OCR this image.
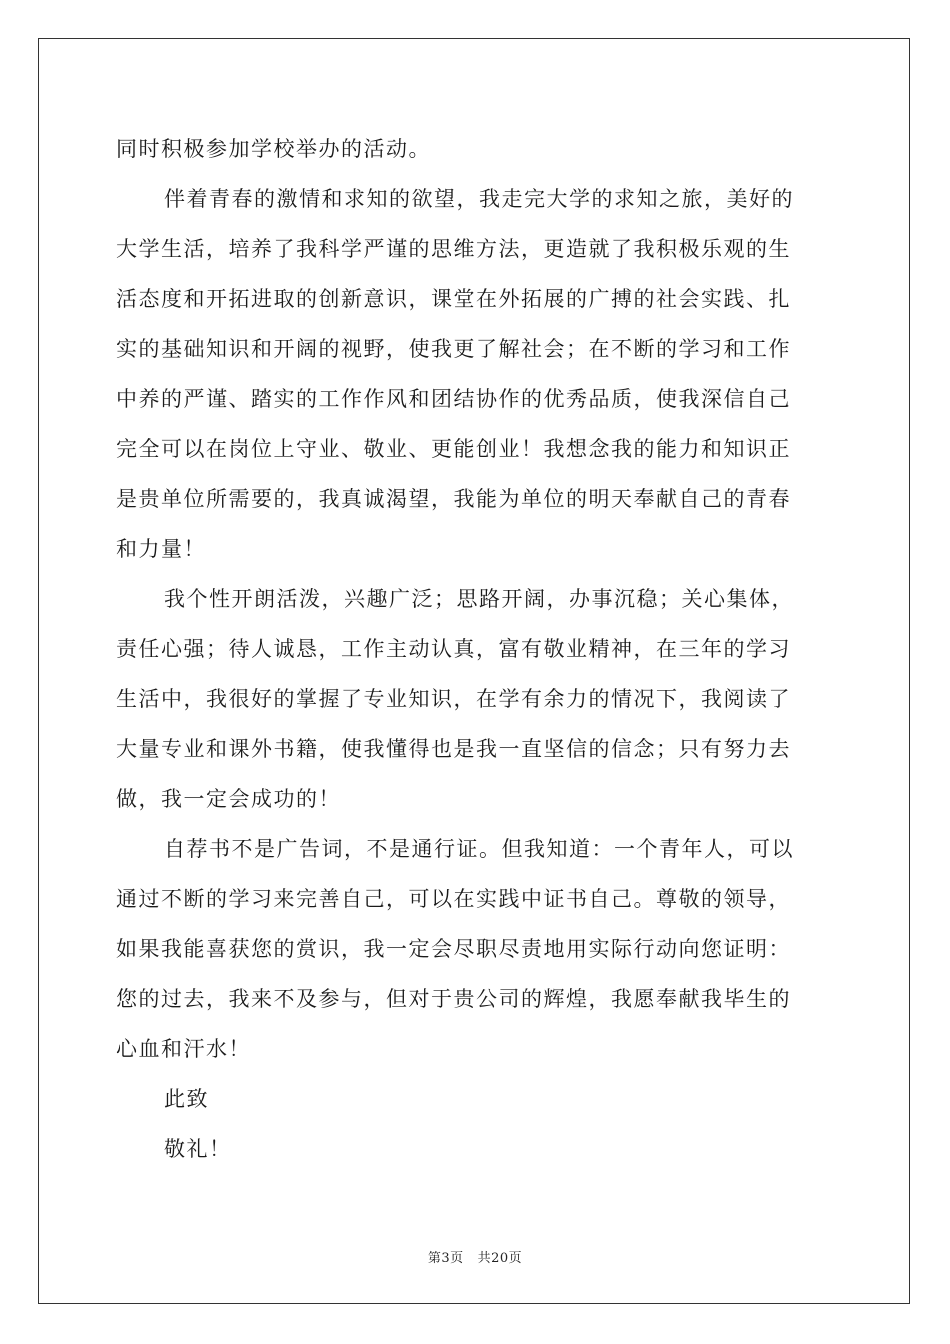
同时积极参加学校举办的活动。
伴着青春的激情和求知的欲望，我走完大学的求知之旅，美好的
大学生活，培养了我科学严谨的思维方法，更造就了我积极乐观的生
活态度和开拓进取的创新意识，课堂在外拓展的广搏的社会实践、扎
实的基础知识和开阔的视野，使我更了解社会；在不断的学习和工作
中养的严谨、踏实的工作作风和团结协作的优秀品质，使我深信自己
完全可以在岗位上守业、敬业、更能创业！我想念我的能力和知识正
是贵单位所需要的，我真诚渴望，我能为单位的明天奉献自己的青春
和力量！
我个性开朗活泼，兴趣广泛；思路开阔，办事沉稳；关心集体，
责任心强；待人诚恳，工作主动认真，富有敬业精神，在三年的学习
生活中，我很好的掌握了专业知识，在学有余力的情况下，我阅读了
大量专业和课外书籍，使我懂得也是我一直坚信的信念；只有努力去
做，我一定会成功的！
自荐书不是广告词，不是通行证。但我知道：一个青年人，可以
通过不断的学习来完善自己，可以在实践中证书自己。尊敬的领导，
如果我能喜获您的赏识，我一定会尽职尽责地用实际行动向您证明：
您的过去，我来不及参与，但对于贵公司的辉煌，我愿奉献我毕生的
心血和汗水！
此致
敬礼！
第3页 共20页
